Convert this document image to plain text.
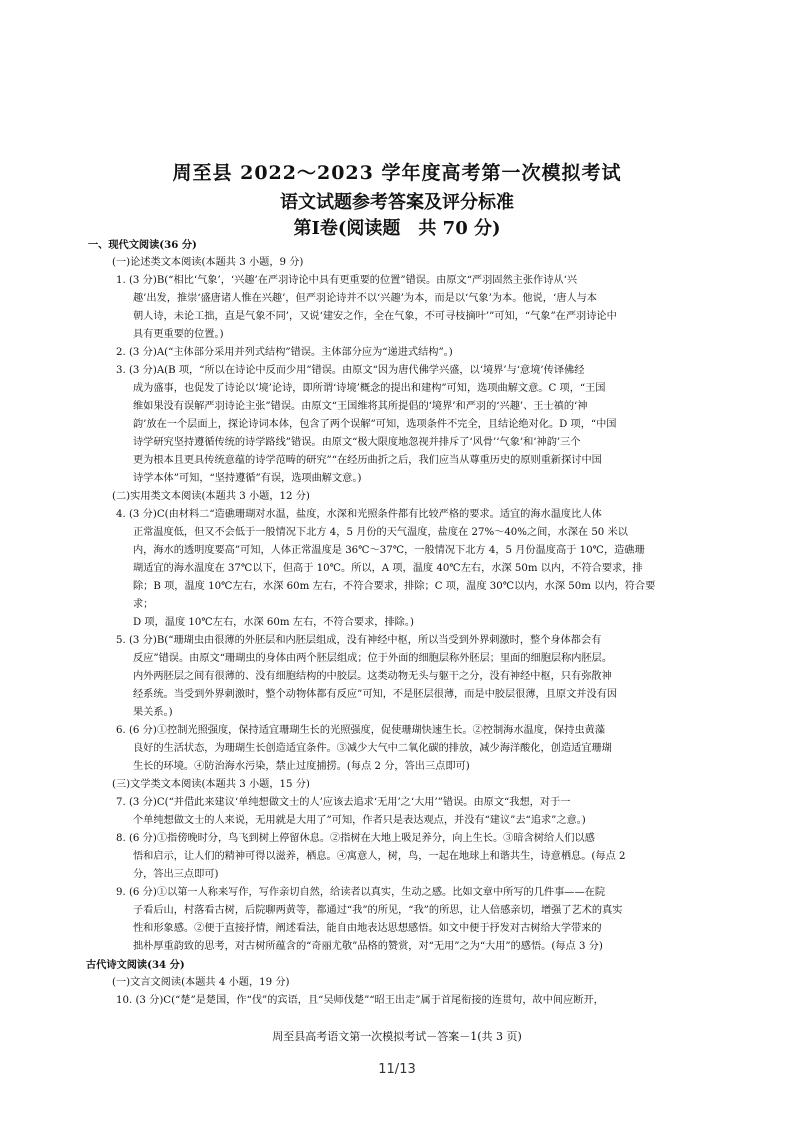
周至县 2022～2023 学年度高考第一次模拟考试
语文试题参考答案及评分标准
第Ⅰ卷(阅读题　共 70 分)

一、现代文阅读(36 分)

(一)论述类文本阅读(本题共 3 小题，9 分)

1. (3 分)B(“相比‘气象’，‘兴趣’在严羽诗论中具有更重要的位置”错误。由原文“严羽固然主张作诗从‘兴

趣’出发，推崇‘盛唐诸人惟在兴趣’，但严羽论诗并不以‘兴趣’为本，而是以‘气象’为本。他说，‘唐人与本

朝人诗，未论工拙，直是气象不同’，又说‘建安之作，全在气象，不可寻枝摘叶’”可知，“气象”在严羽诗论中

具有更重要的位置。)

2. (3 分)A(“主体部分采用并列式结构”错误。主体部分应为“递进式结构”。)

3. (3 分)A(B 项，“所以在诗论中反而少用”错误。由原文“因为唐代佛学兴盛，以‘境界’与‘意境’传译佛经

成为盛事，也促发了诗论以‘境’论诗，即所谓‘诗境’概念的提出和建构”可知，选项曲解文意。C 项，“王国

维如果没有误解严羽诗论主张”错误。由原文“王国维将其所提倡的‘境界’和严羽的‘兴趣’、王士禛的‘神

韵’放在一个层面上，探论诗词本体，包含了两个误解”可知，选项条件不完全，且结论绝对化。D 项，“中国

诗学研究坚持遵循传统的诗学路线”错误。由原文“极大限度地忽视并排斥了‘风骨’‘气象’和‘神韵’三个

更为根本且更具传统意蕴的诗学范畴的研究”“在经历曲折之后，我们应当从尊重历史的原则重新探讨中国

诗学本体”可知，“坚持遵循”有误，选项曲解文意。)

(二)实用类文本阅读(本题共 3 小题，12 分)

4. (3 分)C(由材料二“造礁珊瑚对水温，盐度，水深和光照条件都有比较严格的要求。适宜的海水温度比人体

正常温度低，但又不会低于一般情况下北方 4，5 月份的天气温度，盐度在 27%～40%之间，水深在 50 米以

内，海水的透明度要高”可知，人体正常温度是 36℃～37℃，一般情况下北方 4，5 月份温度高于 10℃，造礁珊

瑚适宜的海水温度在 37℃以下，但高于 10℃。所以，A 项，温度 40℃左右，水深 50m 以内，不符合要求，排

除；B 项，温度 10℃左右，水深 60m 左右，不符合要求，排除；C 项，温度 30℃以内，水深 50m 以内，符合要求；

D 项，温度 10℃左右，水深 60m 左右，不符合要求，排除。)

5. (3 分)B(“珊瑚虫由很薄的外胚层和内胚层组成，没有神经中枢，所以当受到外界刺激时，整个身体都会有

反应”错误。由原文“珊瑚虫的身体由两个胚层组成；位于外面的细胞层称外胚层；里面的细胞层称内胚层。

内外两胚层之间有很薄的、没有细胞结构的中胶层。这类动物无头与躯干之分，没有神经中枢，只有弥散神

经系统。当受到外界刺激时，整个动物体都有反应”可知，不是胚层很薄，而是中胶层很薄，且原文并没有因

果关系。)

6. (6 分)①控制光照强度，保持适宜珊瑚生长的光照强度，促使珊瑚快速生长。②控制海水温度，保持虫黄藻

良好的生活状态，为珊瑚生长创造适宜条件。③减少大气中二氧化碳的排放，减少海洋酸化，创造适宜珊瑚

生长的环境。④防治海水污染，禁止过度捕捞。(每点 2 分，答出三点即可)

(三)文学类文本阅读(本题共 3 小题，15 分)

7. (3 分)C(“并借此来建议‘单纯想做文士的人’应该去追求‘无用’之‘大用’”错误。由原文“我想，对于一

个单纯想做文士的人来说，无用就是大用了”可知，作者只是表达观点，并没有“建议”去“追求”之意。)

8. (6 分)①指傍晚时分，鸟飞到树上停留休息。②指树在大地上吸足养分，向上生长。③暗含树给人们以感

悟和启示，让人们的精神可得以滋养，栖息。④寓意人，树，鸟，一起在地球上和谐共生，诗意栖息。(每点 2

分，答出三点即可)

9. (6 分)①以第一人称来写作，写作亲切自然，给读者以真实，生动之感。比如文章中所写的几件事——在院

子看后山，村落看古树，后院聊两黄等，都通过“我”的所见，“我”的所思，让人倍感亲切，增强了艺术的真实

性和形象感。②便于直接抒情，阐述看法，能自由地表达思想感悟。如文中便于抒发对古树给大学带来的

拙朴厚重韵致的思考，对古树所蕴含的“奇丽尤敬”品格的赞赏，对“无用”之为“大用”的感悟。(每点 3 分)

古代诗文阅读(34 分)

(一)文言文阅读(本题共 4 小题，19 分)

10. (3 分)C(“楚”是楚国，作“伐”的宾语，且“吴师伐楚”“昭王出走”属于首尾衔接的连贯句，故中间应断开，

周至县高考语文第一次模拟考试－答案－1(共 3 页)
11/13
